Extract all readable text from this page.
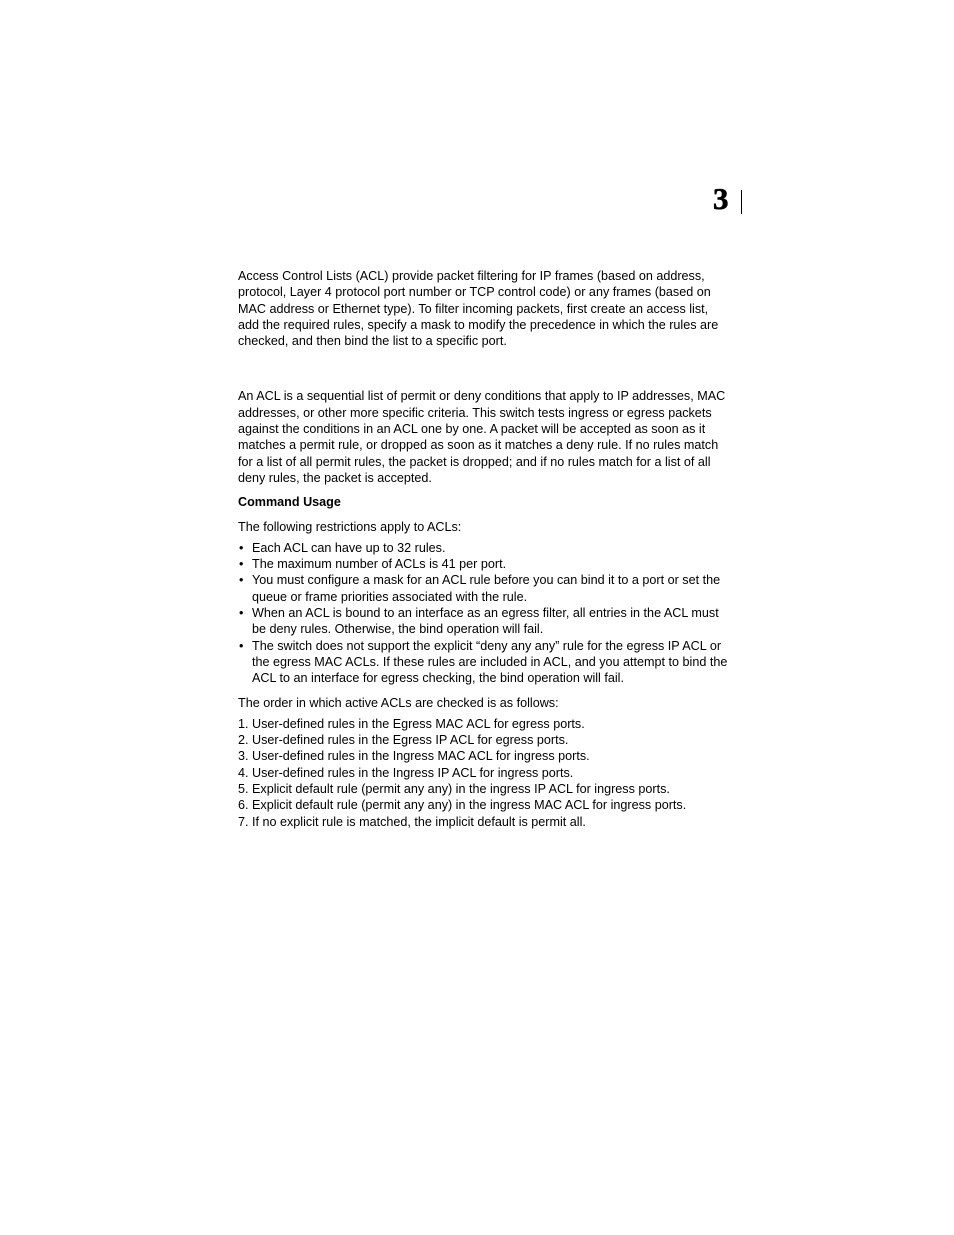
3

Access Control Lists (ACL) provide packet filtering for IP frames (based on address, protocol, Layer 4 protocol port number or TCP control code) or any frames (based on MAC address or Ethernet type). To filter incoming packets, first create an access list, add the required rules, specify a mask to modify the precedence in which the rules are checked, and then bind the list to a specific port.

An ACL is a sequential list of permit or deny conditions that apply to IP addresses, MAC addresses, or other more specific criteria. This switch tests ingress or egress packets against the conditions in an ACL one by one. A packet will be accepted as soon as it matches a permit rule, or dropped as soon as it matches a deny rule. If no rules match for a list of all permit rules, the packet is dropped; and if no rules match for a list of all deny rules, the packet is accepted.

Command Usage

The following restrictions apply to ACLs:

• Each ACL can have up to 32 rules.
• The maximum number of ACLs is 41 per port.
• You must configure a mask for an ACL rule before you can bind it to a port or set the queue or frame priorities associated with the rule.
• When an ACL is bound to an interface as an egress filter, all entries in the ACL must be deny rules. Otherwise, the bind operation will fail.
• The switch does not support the explicit “deny any any” rule for the egress IP ACL or the egress MAC ACLs. If these rules are included in ACL, and you attempt to bind the ACL to an interface for egress checking, the bind operation will fail.

The order in which active ACLs are checked is as follows:

1. User-defined rules in the Egress MAC ACL for egress ports.
2. User-defined rules in the Egress IP ACL for egress ports.
3. User-defined rules in the Ingress MAC ACL for ingress ports.
4. User-defined rules in the Ingress IP ACL for ingress ports.
5. Explicit default rule (permit any any) in the ingress IP ACL for ingress ports.
6. Explicit default rule (permit any any) in the ingress MAC ACL for ingress ports.
7. If no explicit rule is matched, the implicit default is permit all.
